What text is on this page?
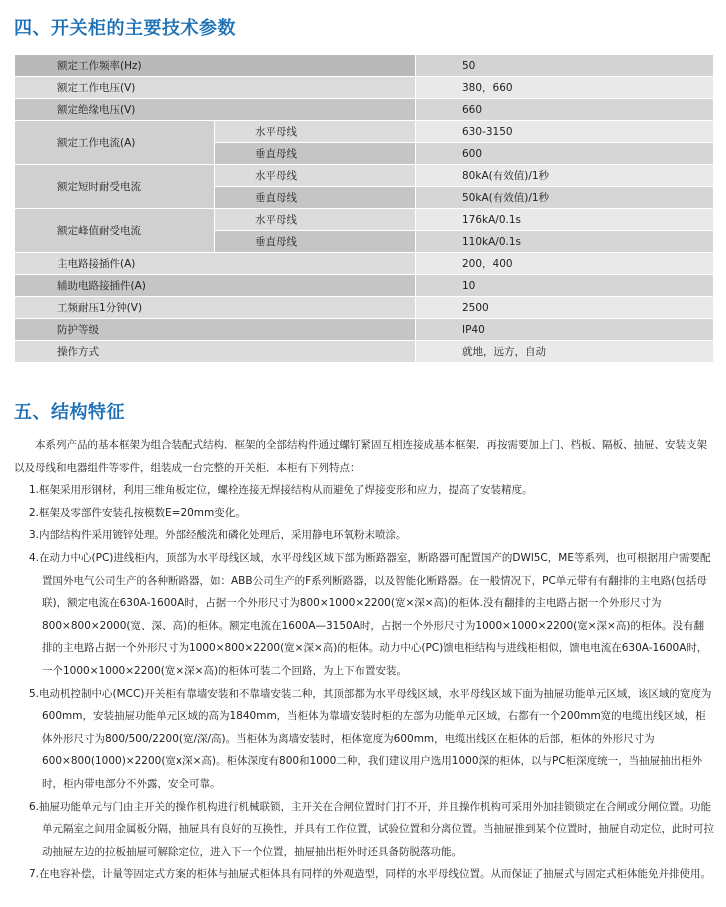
四、开关柜的主要技术参数
额定工作频率(Hz)		50
额定工作电压(V)		380，660
额定绝缘电压(V)		660
额定工作电流(A)	水平母线	630-3150
	垂直母线	600
额定短时耐受电流	水平母线	80kA(有效值)/1秒
	垂直母线	50kA(有效值)/1秒
额定峰值耐受电流	水平母线	176kA/0.1s
	垂直母线	110kA/0.1s
主电路接插件(A)		200，400
辅助电路接插件(A)		10
工频耐压1分钟(V)		2500
防护等级		IP40
操作方式		就地，远方，自动
五、结构特征

本系列产品的基本框架为组合装配式结构．框架的全部结构件通过螺钉紧固互相连接成基本框架．再按需要加上门、档板、隔板、抽屉、安装支架以及母线和电器组件等零件，组装成一台完整的开关柜．本柜有下列特点：

1.框架采用形钢材，利用三维角板定位，螺栓连接无焊接结构从而避免了焊接变形和应力，提高了安装精度。

2.框架及零部件安装孔按模数E=20mm变化。

3.内部结构件采用镀锌处理。外部经酸洗和磷化处理后，采用静电环氧粉末喷涂。

4.在动力中心(PC)进线柜内，顶部为水平母线区域，水平母线区域下部为断路器室，断路器可配置国产的DWl5C，ME等系列，也可根据用户需要配置国外电气公司生产的各种断路器，如：ABB公司生产的F系列断路器，以及智能化断路器。在一般情况下，PC单元带有有翻排的主电路(包括母联)，额定电流在630A-1600A时，占据一个外形尺寸为800×1000×2200(宽×深×高)的柜体.没有翻排的主电路占据一个外形尺寸为800×800×2000(宽、深、高)的柜体。额定电流在1600A—3150A时，占据一个外形尺寸为1000×1000×2200(宽×深×高)的柜体。没有翻排的主电路占据一个外形尺寸为1000×800×2200(宽×深×高)的柜体。动力中心(PC)馈电柜结构与进线柜相似，馈电电流在630A-1600A时，一个1000×1000×2200(宽×深×高)的柜体可装二个回路，为上下布置安装。

5.电动机控制中心(MCC)开关柜有靠墙安装和不靠墙安装二种，其顶部都为水平母线区域，水平母线区域下面为抽屉功能单元区域，该区域的宽度为600mm，安装抽屉功能单元区域的高为1840mm，当柜体为靠墙安装时柜的左部为功能单元区域，右都有一个200mm宽的电缆出线区域，柜体外形尺寸为800/500/2200(宽/深/高)。当柜体为离墙安装时，柜体宽度为600mm，电缆出线区在柜体的后部，柜体的外形尺寸为600×800(1000)×2200(宽x深×高)。柜体深度有800和1000二种，我们建议用户选用1000深的柜体，以与PC柜深度统一，当抽屉抽出柜外时，柜内带电部分不外露，安全可靠。

6.抽屉功能单元与门由主开关的操作机构进行机械联锁，主开关在合闸位置时门打不开，并且操作机构可采用外加挂锁锁定在合闸或分闸位置。功能单元隔室之间用金属板分隔，抽屉具有良好的互换性，并具有工作位置，试验位置和分离位置。当抽屉推到某个位置时，抽屉自动定位，此时可拉动抽屉左边的拉板抽屉可解除定位，进入下一个位置，抽屉抽出柜外时还具备防脱落功能。

7.在电容补偿，计量等固定式方案的柜体与抽屉式柜体具有同样的外观造型，同样的水平母线位置。从而保证了抽屉式与固定式柜体能免并排使用。
